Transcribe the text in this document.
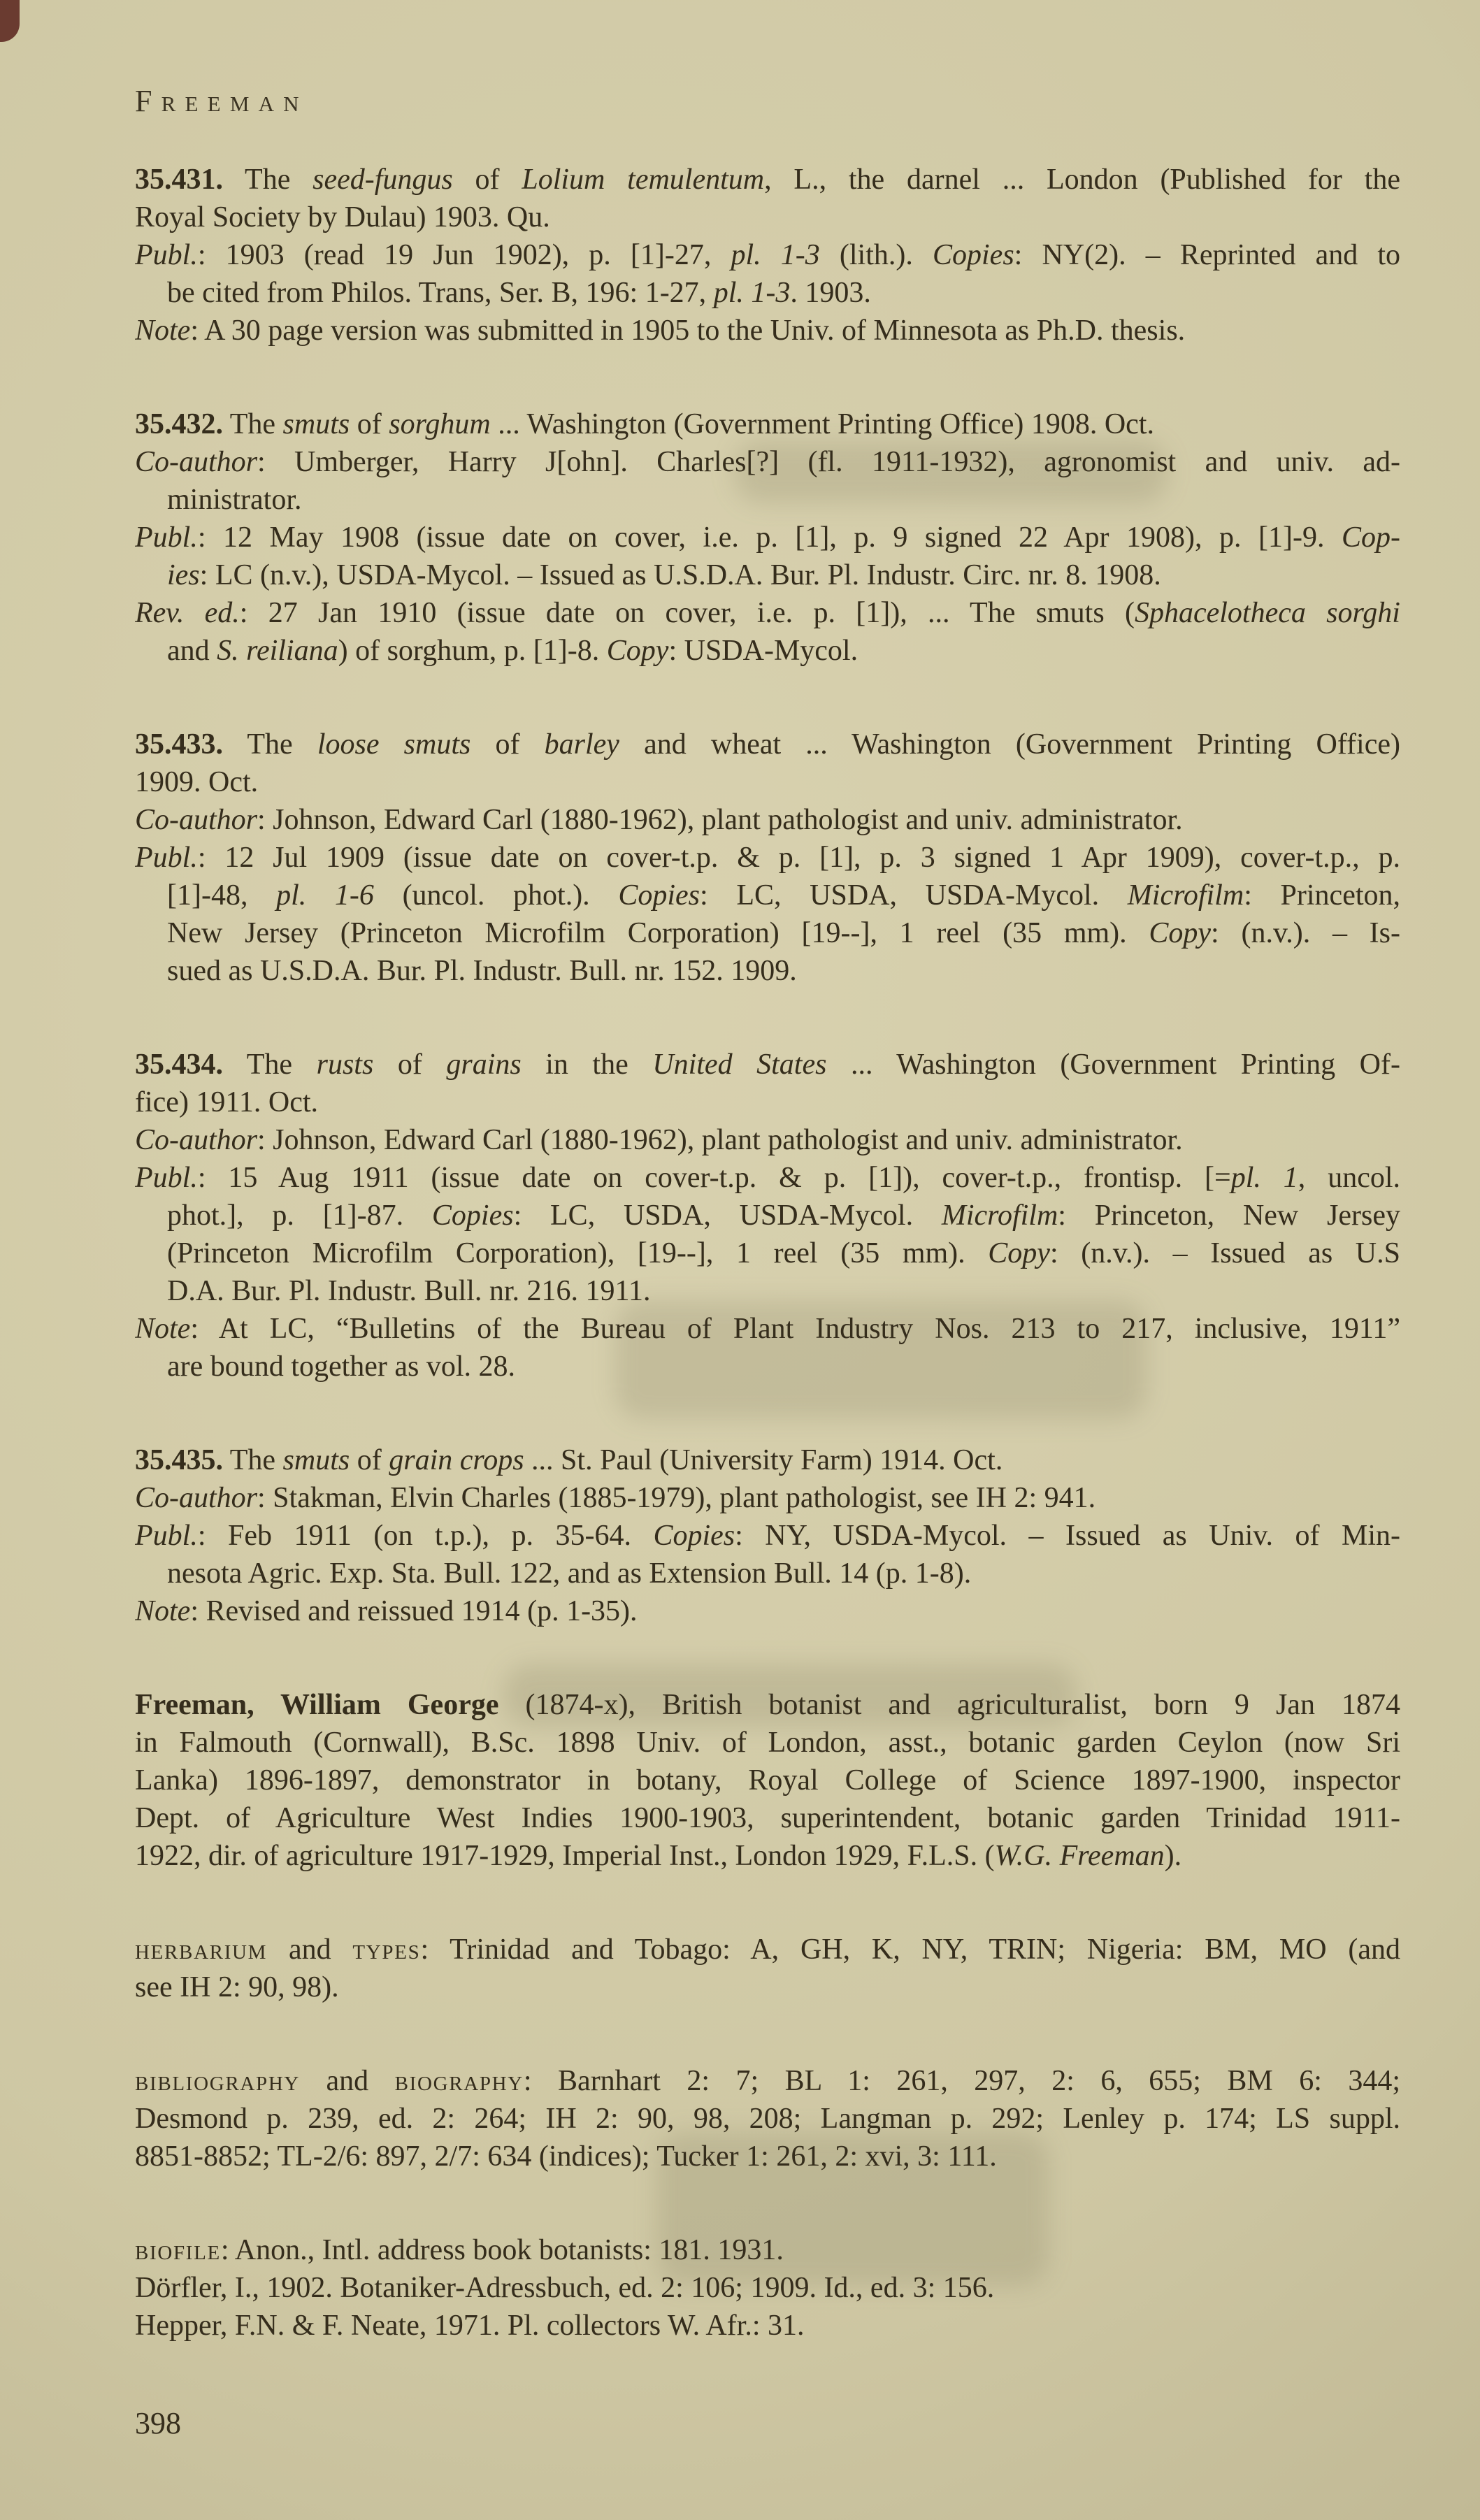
Freeman

35.431. The seed-fungus of Lolium temulentum, L., the darnel ... London (Published for the
Royal Society by Dulau) 1903. Qu.
Publ.: 1903 (read 19 Jun 1902), p. [1]-27, pl. 1-3 (lith.). Copies: NY(2). – Reprinted and to
be cited from Philos. Trans, Ser. B, 196: 1-27, pl. 1-3. 1903.
Note: A 30 page version was submitted in 1905 to the Univ. of Minnesota as Ph.D. thesis.

35.432. The smuts of sorghum ... Washington (Government Printing Office) 1908. Oct.
Co-author: Umberger, Harry J[ohn]. Charles[?] (fl. 1911-1932), agronomist and univ. ad-
ministrator.
Publ.: 12 May 1908 (issue date on cover, i.e. p. [1], p. 9 signed 22 Apr 1908), p. [1]-9. Cop-
ies: LC (n.v.), USDA-Mycol. – Issued as U.S.D.A. Bur. Pl. Industr. Circ. nr. 8. 1908.
Rev. ed.: 27 Jan 1910 (issue date on cover, i.e. p. [1]), ... The smuts (Sphacelotheca sorghi
and S. reiliana) of sorghum, p. [1]-8. Copy: USDA-Mycol.

35.433. The loose smuts of barley and wheat ... Washington (Government Printing Office)
1909. Oct.
Co-author: Johnson, Edward Carl (1880-1962), plant pathologist and univ. administrator.
Publ.: 12 Jul 1909 (issue date on cover-t.p. & p. [1], p. 3 signed 1 Apr 1909), cover-t.p., p.
[1]-48, pl. 1-6 (uncol. phot.). Copies: LC, USDA, USDA-Mycol. Microfilm: Princeton,
New Jersey (Princeton Microfilm Corporation) [19--], 1 reel (35 mm). Copy: (n.v.). – Is-
sued as U.S.D.A. Bur. Pl. Industr. Bull. nr. 152. 1909.

35.434. The rusts of grains in the United States ... Washington (Government Printing Of-
fice) 1911. Oct.
Co-author: Johnson, Edward Carl (1880-1962), plant pathologist and univ. administrator.
Publ.: 15 Aug 1911 (issue date on cover-t.p. & p. [1]), cover-t.p., frontisp. [=pl. 1, uncol.
phot.], p. [1]-87. Copies: LC, USDA, USDA-Mycol. Microfilm: Princeton, New Jersey
(Princeton Microfilm Corporation), [19--], 1 reel (35 mm). Copy: (n.v.). – Issued as U.S
D.A. Bur. Pl. Industr. Bull. nr. 216. 1911.
Note: At LC, “Bulletins of the Bureau of Plant Industry Nos. 213 to 217, inclusive, 1911”
are bound together as vol. 28.

35.435. The smuts of grain crops ... St. Paul (University Farm) 1914. Oct.
Co-author: Stakman, Elvin Charles (1885-1979), plant pathologist, see IH 2: 941.
Publ.: Feb 1911 (on t.p.), p. 35-64. Copies: NY, USDA-Mycol. – Issued as Univ. of Min-
nesota Agric. Exp. Sta. Bull. 122, and as Extension Bull. 14 (p. 1-8).
Note: Revised and reissued 1914 (p. 1-35).

Freeman, William George (1874-x), British botanist and agriculturalist, born 9 Jan 1874
in Falmouth (Cornwall), B.Sc. 1898 Univ. of London, asst., botanic garden Ceylon (now Sri
Lanka) 1896-1897, demonstrator in botany, Royal College of Science 1897-1900, inspector
Dept. of Agriculture West Indies 1900-1903, superintendent, botanic garden Trinidad 1911-
1922, dir. of agriculture 1917-1929, Imperial Inst., London 1929, F.L.S. (W.G. Freeman).

herbarium and types: Trinidad and Tobago: A, GH, K, NY, TRIN; Nigeria: BM, MO (and
see IH 2: 90, 98).

bibliography and biography: Barnhart 2: 7; BL 1: 261, 297, 2: 6, 655; BM 6: 344;
Desmond p. 239, ed. 2: 264; IH 2: 90, 98, 208; Langman p. 292; Lenley p. 174; LS suppl.
8851-8852; TL-2/6: 897, 2/7: 634 (indices); Tucker 1: 261, 2: xvi, 3: 111.

biofile: Anon., Intl. address book botanists: 181. 1931.
Dörfler, I., 1902. Botaniker-Adressbuch, ed. 2: 106; 1909. Id., ed. 3: 156.
Hepper, F.N. & F. Neate, 1971. Pl. collectors W. Afr.: 31.

398
